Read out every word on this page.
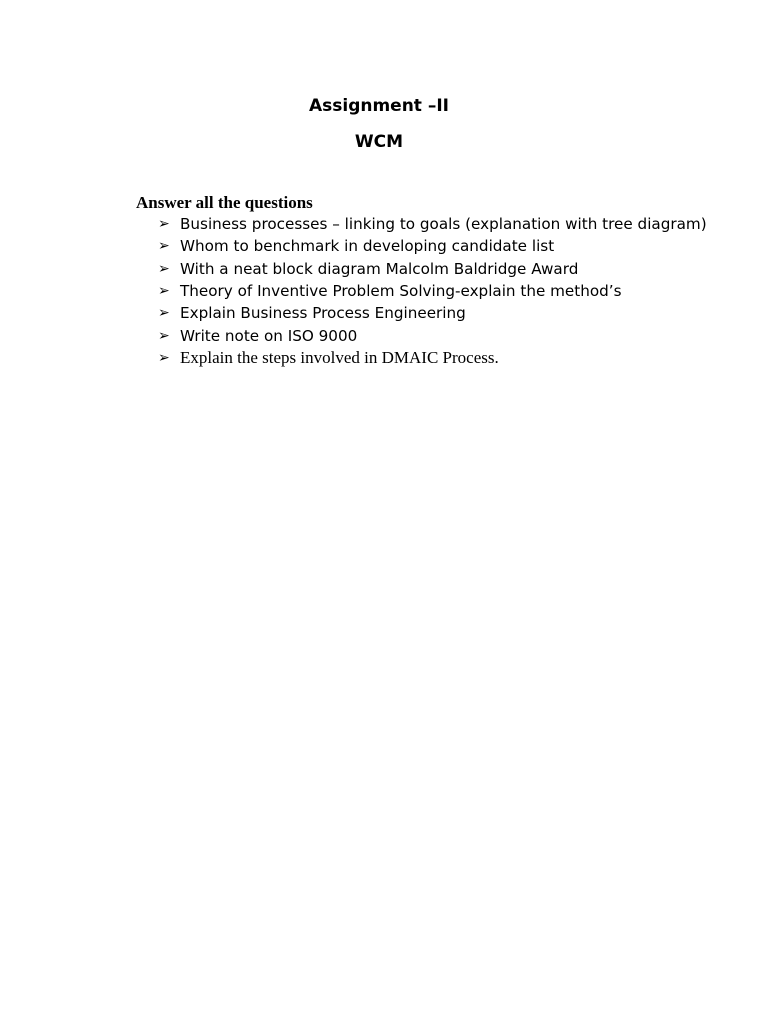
Assignment –II
WCM
Answer all the questions
➢ Business processes – linking to goals (explanation with tree diagram)
➢ Whom to benchmark in developing candidate list
➢ With a neat block diagram Malcolm Baldridge Award
➢ Theory of Inventive Problem Solving-explain the method’s
➢ Explain Business Process Engineering
➢ Write note on ISO 9000
➢ Explain the steps involved in DMAIC Process.
